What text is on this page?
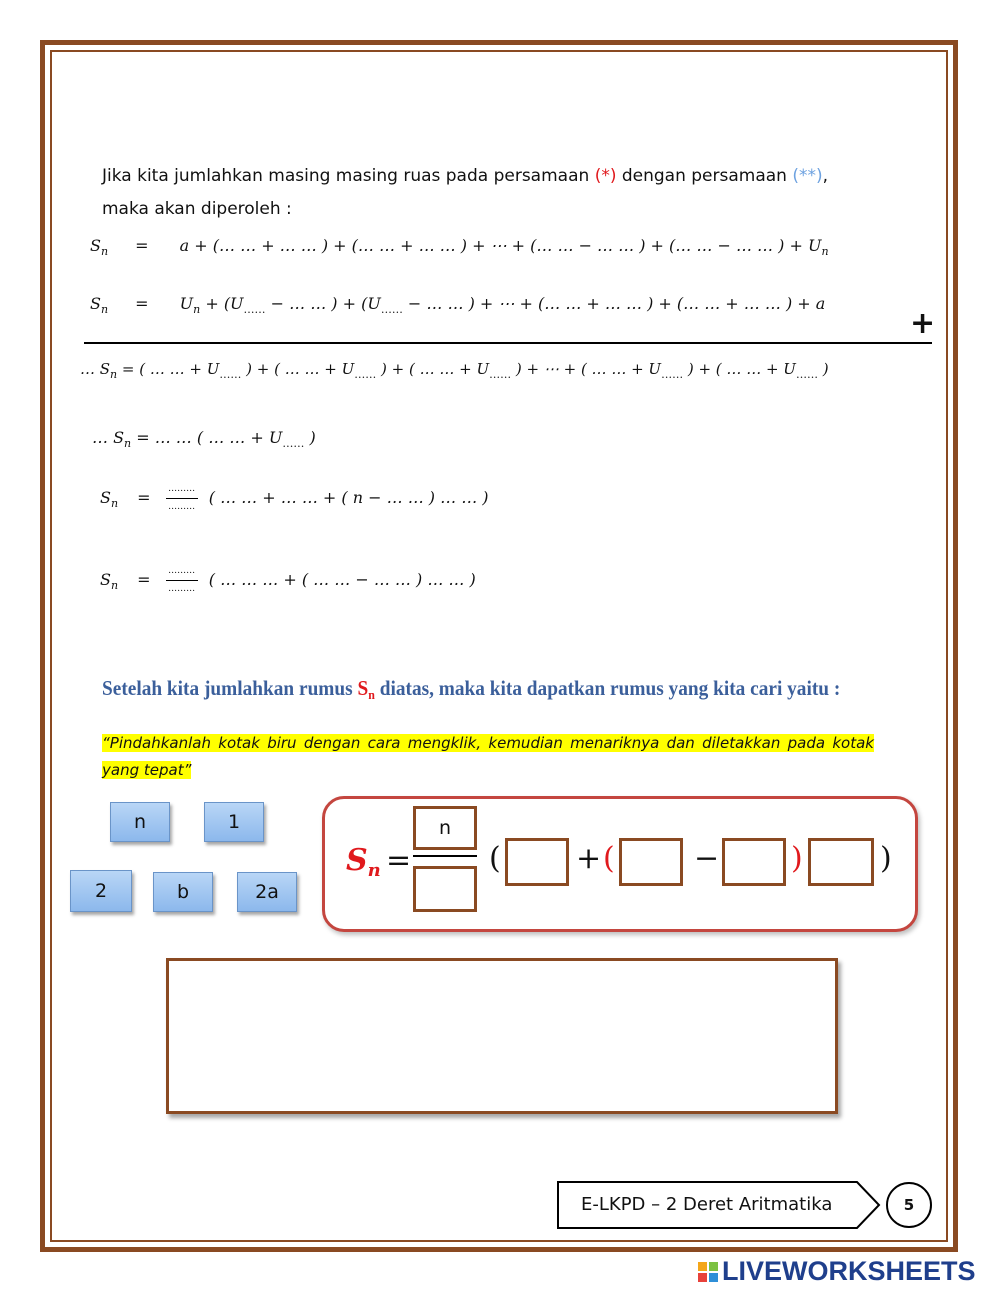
Jika kita jumlahkan masing masing ruas pada persamaan (*) dengan persamaan (**),
maka akan diperoleh :
$S_n = a$ + (… … + … … ) + (… … + … … ) + ⋯ + (… … − … … ) + (… … − … … ) + $U_n$
$S_n = U_n + (U_{\dots\dots}$ − … … ) + ($U_{\dots\dots}$ − … … ) + ⋯ + (… … + … … ) + (… … + … … ) + a
+
… $S_n$ = ( … … + $U_{\dots\dots}$ ) + ( … … + $U_{\dots\dots}$ ) + ( … … + $U_{\dots\dots}$ ) + ⋯ + ( … … + $U_{\dots\dots}$ ) + ( … … + $U_{\dots\dots}$ )
… $S_n$ = … … ( … … + $U_{\dots\dots}$ )
$S_n = \frac{\dots\dots\dots}{\dots\dots\dots}$ ( … … + … … + ( n − … … ) … … )
$S_n = \frac{\dots\dots\dots}{\dots\dots\dots}$ ( … … … + ( … … − … … ) … … )
Setelah kita jumlahkan rumus $S_n$ diatas, maka kita dapatkan rumus yang kita cari yaitu :
“Pindahkanlah kotak biru dengan cara mengklik, kemudian menariknya dan diletakkan pada kotak yang tepat”
n	1
2	b	2a
$S_n$ =
n
(	+ (	− )	)
E-LKPD – 2 Deret Aritmatika	5
LIVEWORKSHEETS
